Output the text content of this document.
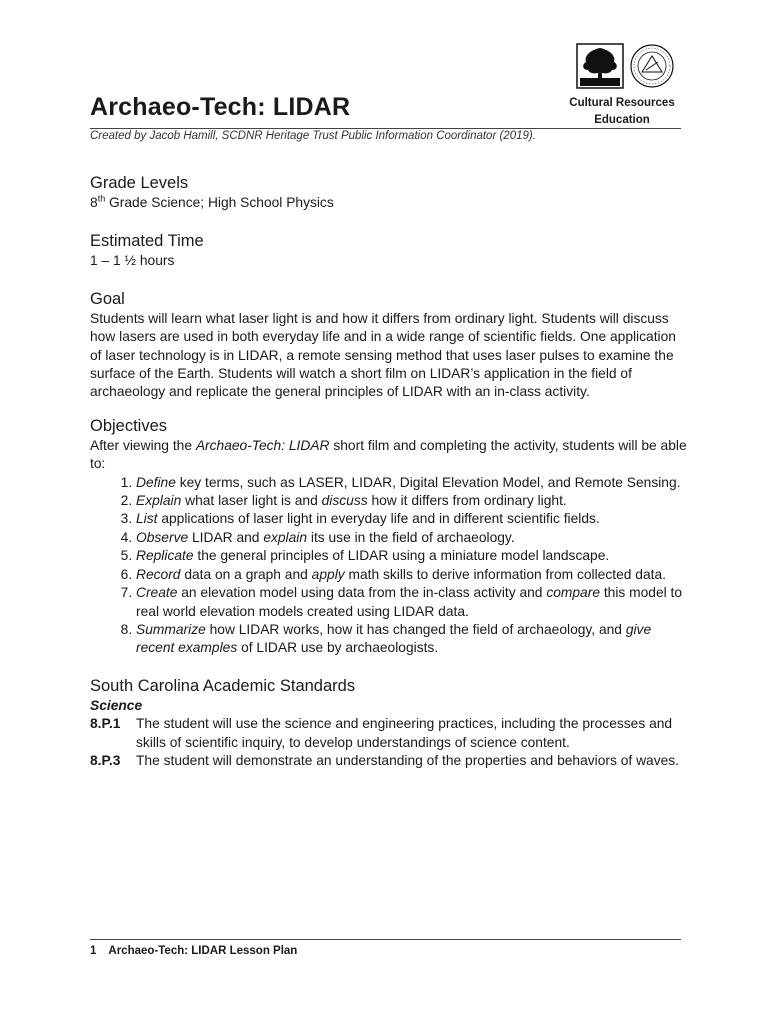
Archaeo-Tech: LIDAR	Cultural Resources
Education
Created by Jacob Hamill, SCDNR Heritage Trust Public Information Coordinator (2019).
Grade Levels

8th Grade Science; High School Physics

Estimated Time

1 – 1 ½ hours

Goal

Students will learn what laser light is and how it differs from ordinary light. Students will discuss how lasers are used in both everyday life and in a wide range of scientific fields. One application of laser technology is in LIDAR, a remote sensing method that uses laser pulses to examine the surface of the Earth. Students will watch a short film on LIDAR’s application in the field of archaeology and replicate the general principles of LIDAR with an in-class activity.

Objectives

After viewing the Archaeo-Tech: LIDAR short film and completing the activity, students will be able to:

1. Define key terms, such as LASER, LIDAR, Digital Elevation Model, and Remote Sensing.
2. Explain what laser light is and discuss how it differs from ordinary light.
3. List applications of laser light in everyday life and in different scientific fields.
4. Observe LIDAR and explain its use in the field of archaeology.
5. Replicate the general principles of LIDAR using a miniature model landscape.
6. Record data on a graph and apply math skills to derive information from collected data.
7. Create an elevation model using data from the in-class activity and compare this model to real world elevation models created using LIDAR data.
8. Summarize how LIDAR works, how it has changed the field of archaeology, and give recent examples of LIDAR use by archaeologists.
South Carolina Academic Standards
Science
8.P.1	The student will use the science and engineering practices, including the processes and skills of scientific inquiry, to develop understandings of science content.
8.P.3	The student will demonstrate an understanding of the properties and behaviors of waves.
1 Archaeo-Tech: LIDAR Lesson Plan
